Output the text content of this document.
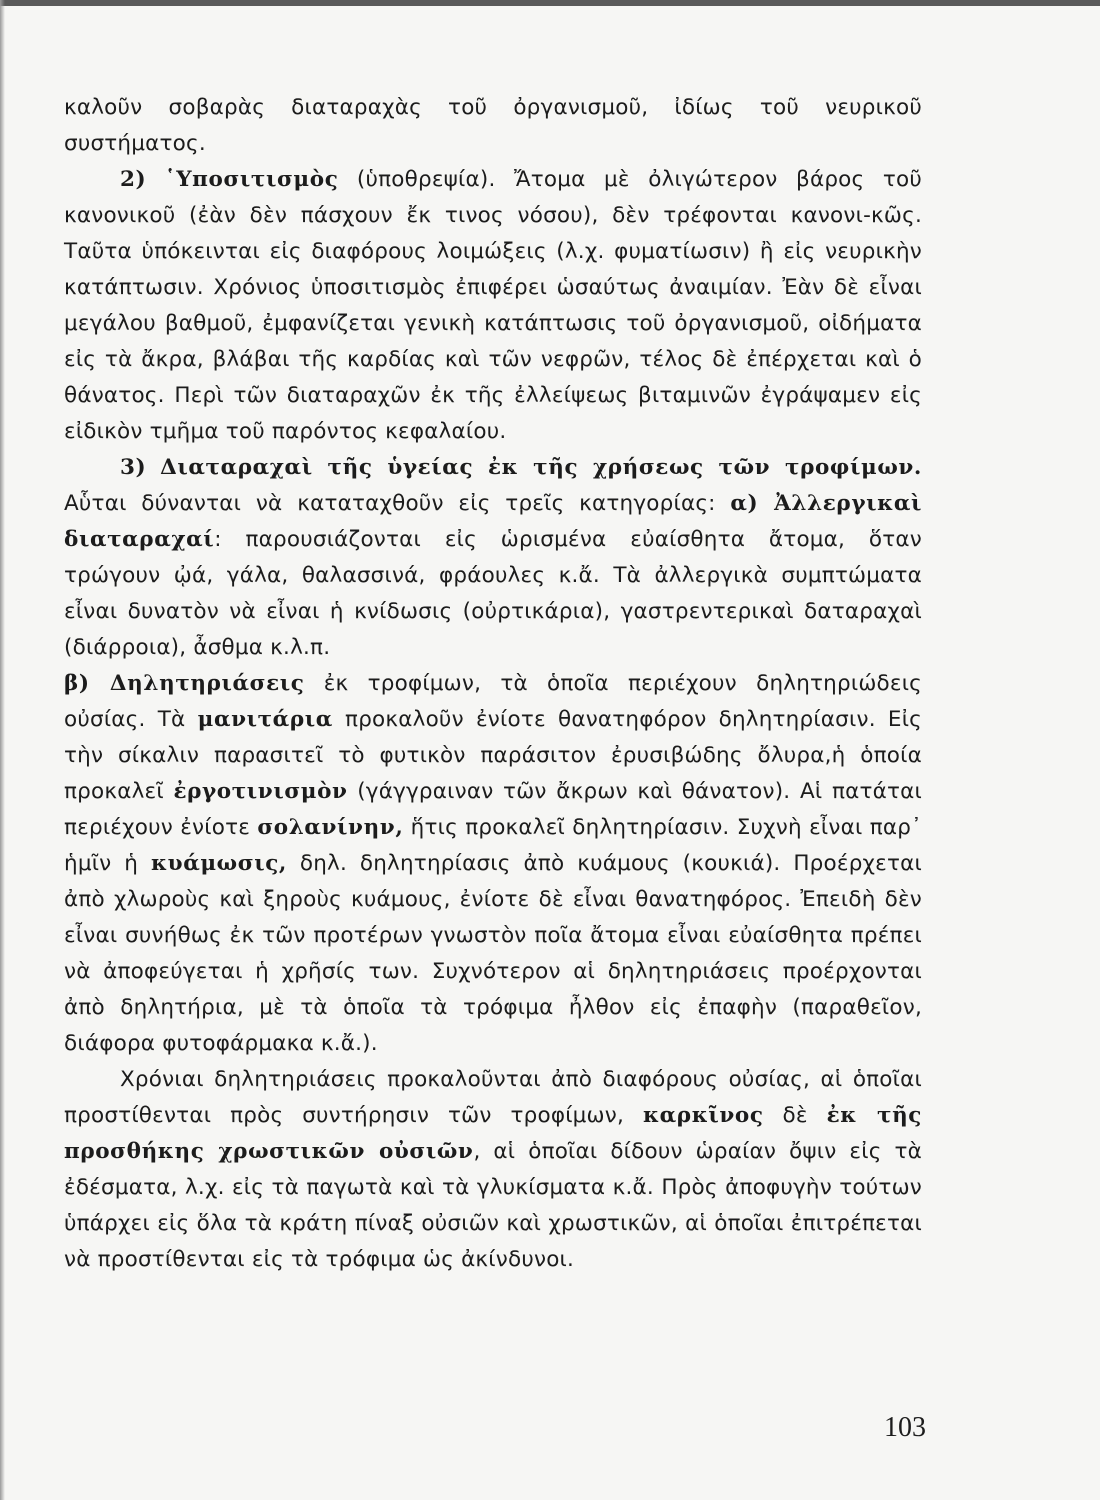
καλοῦν σοβαρὰς διαταραχὰς τοῦ ὀργανισμοῦ, ἰδίως τοῦ νευρικοῦ συστήματος.

2) ῾Υποσιτισμὸς (ὑποθρεψία). Ἄτομα μὲ ὀλιγώτερον βάρος τοῦ κανονικοῦ (ἐὰν δὲν πάσχουν ἔκ τινος νόσου), δὲν τρέφονται κανονι-κῶς. Ταῦτα ὑπόκεινται εἰς διαφόρους λοιμώξεις (λ.χ. φυματίωσιν) ἢ εἰς νευρικὴν κατάπτωσιν. Χρόνιος ὑποσιτισμὸς ἐπιφέρει ὡσαύτως ἀναιμίαν. Ἐὰν δὲ εἶναι μεγάλου βαθμοῦ, ἐμφανίζεται γενικὴ κατάπτωσις τοῦ ὀργανισμοῦ, οἰδήματα εἰς τὰ ἄκρα, βλάβαι τῆς καρδίας καὶ τῶν νεφρῶν, τέλος δὲ ἐπέρχεται καὶ ὁ θάνατος. Περὶ τῶν διαταραχῶν ἐκ τῆς ἐλλείψεως βιταμινῶν ἐγράψαμεν εἰς εἰδικὸν τμῆμα τοῦ παρόντος κεφαλαίου.

3) Διαταραχαὶ τῆς ὑγείας ἐκ τῆς χρήσεως τῶν τροφίμων. Αὗται δύνανται νὰ καταταχθοῦν εἰς τρεῖς κατηγορίας: α) Ἀλλεργικαὶ διαταραχαί: παρουσιάζονται εἰς ὡρισμένα εὐαίσθητα ἄτομα, ὅταν τρώγουν ᾠά, γάλα, θαλασσινά, φράουλες κ.ἄ. Τὰ ἀλλεργικὰ συμπτώματα εἶναι δυνατὸν νὰ εἶναι ἡ κνίδωσις (οὐρτικάρια), γαστρεντερικαὶ δαταραχαὶ (διάρροια), ἆσθμα κ.λ.π.

β) Δηλητηριάσεις ἐκ τροφίμων, τὰ ὁποῖα περιέχουν δηλητηριώδεις οὐσίας. Τὰ μανιτάρια προκαλοῦν ἐνίοτε θανατηφόρον δηλητηρίασιν. Εἰς τὴν σίκαλιν παρασιτεῖ τὸ φυτικὸν παράσιτον ἐρυσιβώδης ὄλυρα,ἡ ὁποία προκαλεῖ ἐργοτινισμὸν (γάγγραιναν τῶν ἄκρων καὶ θάνατον). Αἱ πατάται περιέχουν ἐνίοτε σολανίνην, ἥτις προκαλεῖ δηλητηρίασιν. Συχνὴ εἶναι παρ᾽ ἡμῖν ἡ κυάμωσις, δηλ. δηλητηρίασις ἀπὸ κυάμους (κουκιά). Προέρχεται ἀπὸ χλωροὺς καὶ ξηροὺς κυάμους, ἐνίοτε δὲ εἶναι θανατηφόρος. Ἐπειδὴ δὲν εἶναι συνήθως ἐκ τῶν προτέρων γνωστὸν ποῖα ἄτομα εἶναι εὐαίσθητα πρέπει νὰ ἀποφεύγεται ἡ χρῆσίς των. Συχνότερον αἱ δηλητηριάσεις προέρχονται ἀπὸ δηλητήρια, μὲ τὰ ὁποῖα τὰ τρόφιμα ἦλθον εἰς ἐπαφὴν (παραθεῖον, διάφορα φυτοφάρμακα κ.ἄ.).

Χρόνιαι δηλητηριάσεις προκαλοῦνται ἀπὸ διαφόρους οὐσίας, αἱ ὁποῖαι προστίθενται πρὸς συντήρησιν τῶν τροφίμων, καρκῖνος δὲ ἐκ τῆς προσθήκης χρωστικῶν οὐσιῶν, αἱ ὁποῖαι δίδουν ὡραίαν ὄψιν εἰς τὰ ἐδέσματα, λ.χ. εἰς τὰ παγωτὰ καὶ τὰ γλυκίσματα κ.ἄ. Πρὸς ἀποφυγὴν τούτων ὑπάρχει εἰς ὅλα τὰ κράτη πίναξ οὐσιῶν καὶ χρωστικῶν, αἱ ὁποῖαι ἐπιτρέπεται νὰ προστίθενται εἰς τὰ τρόφιμα ὡς ἀκίνδυνοι.

103
